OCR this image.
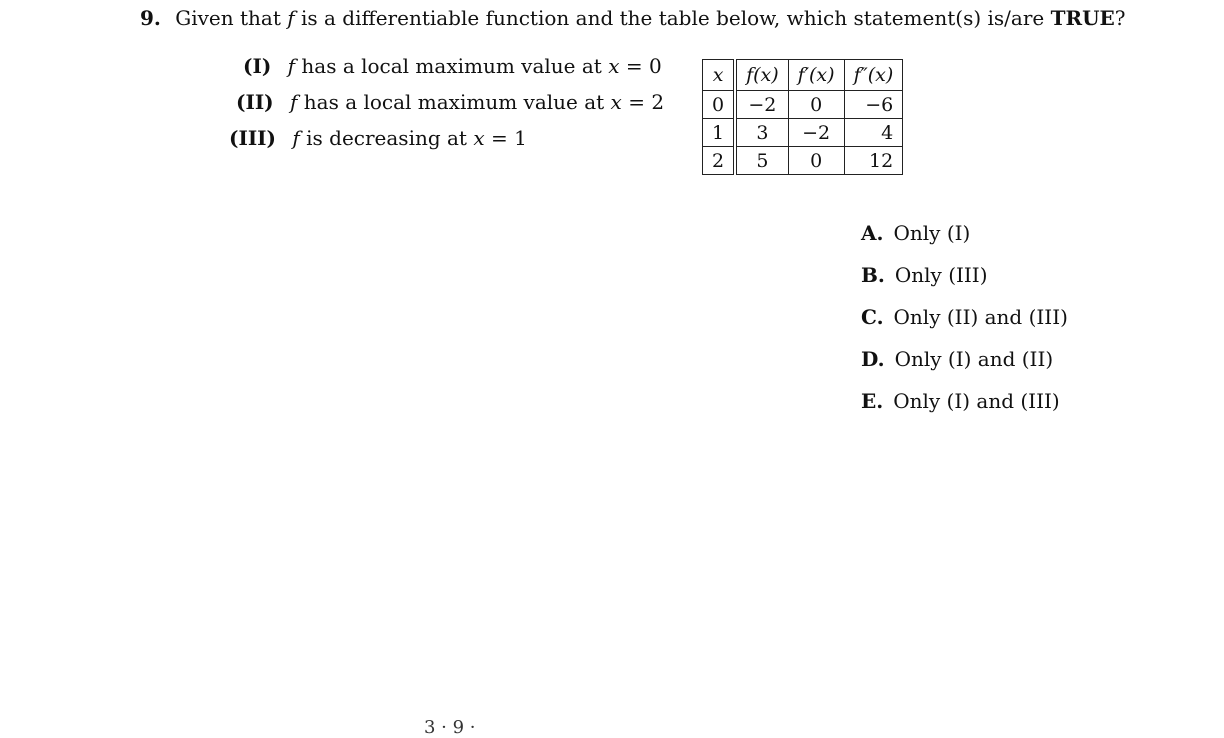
9. Given that f is a differentiable function and the table below, which statement(s) is/are TRUE?
(I) f has a local maximum value at x = 0
(II) f has a local maximum value at x = 2
(III) f is decreasing at x = 1
x	f(x)	f′(x)	f″(x)
0	−2	0	−6
1	3	−2	4
2	5	0	12
A. Only (I)
B. Only (III)
C. Only (II) and (III)
D. Only (I) and (II)
E. Only (I) and (III)
3 · 9 ·
